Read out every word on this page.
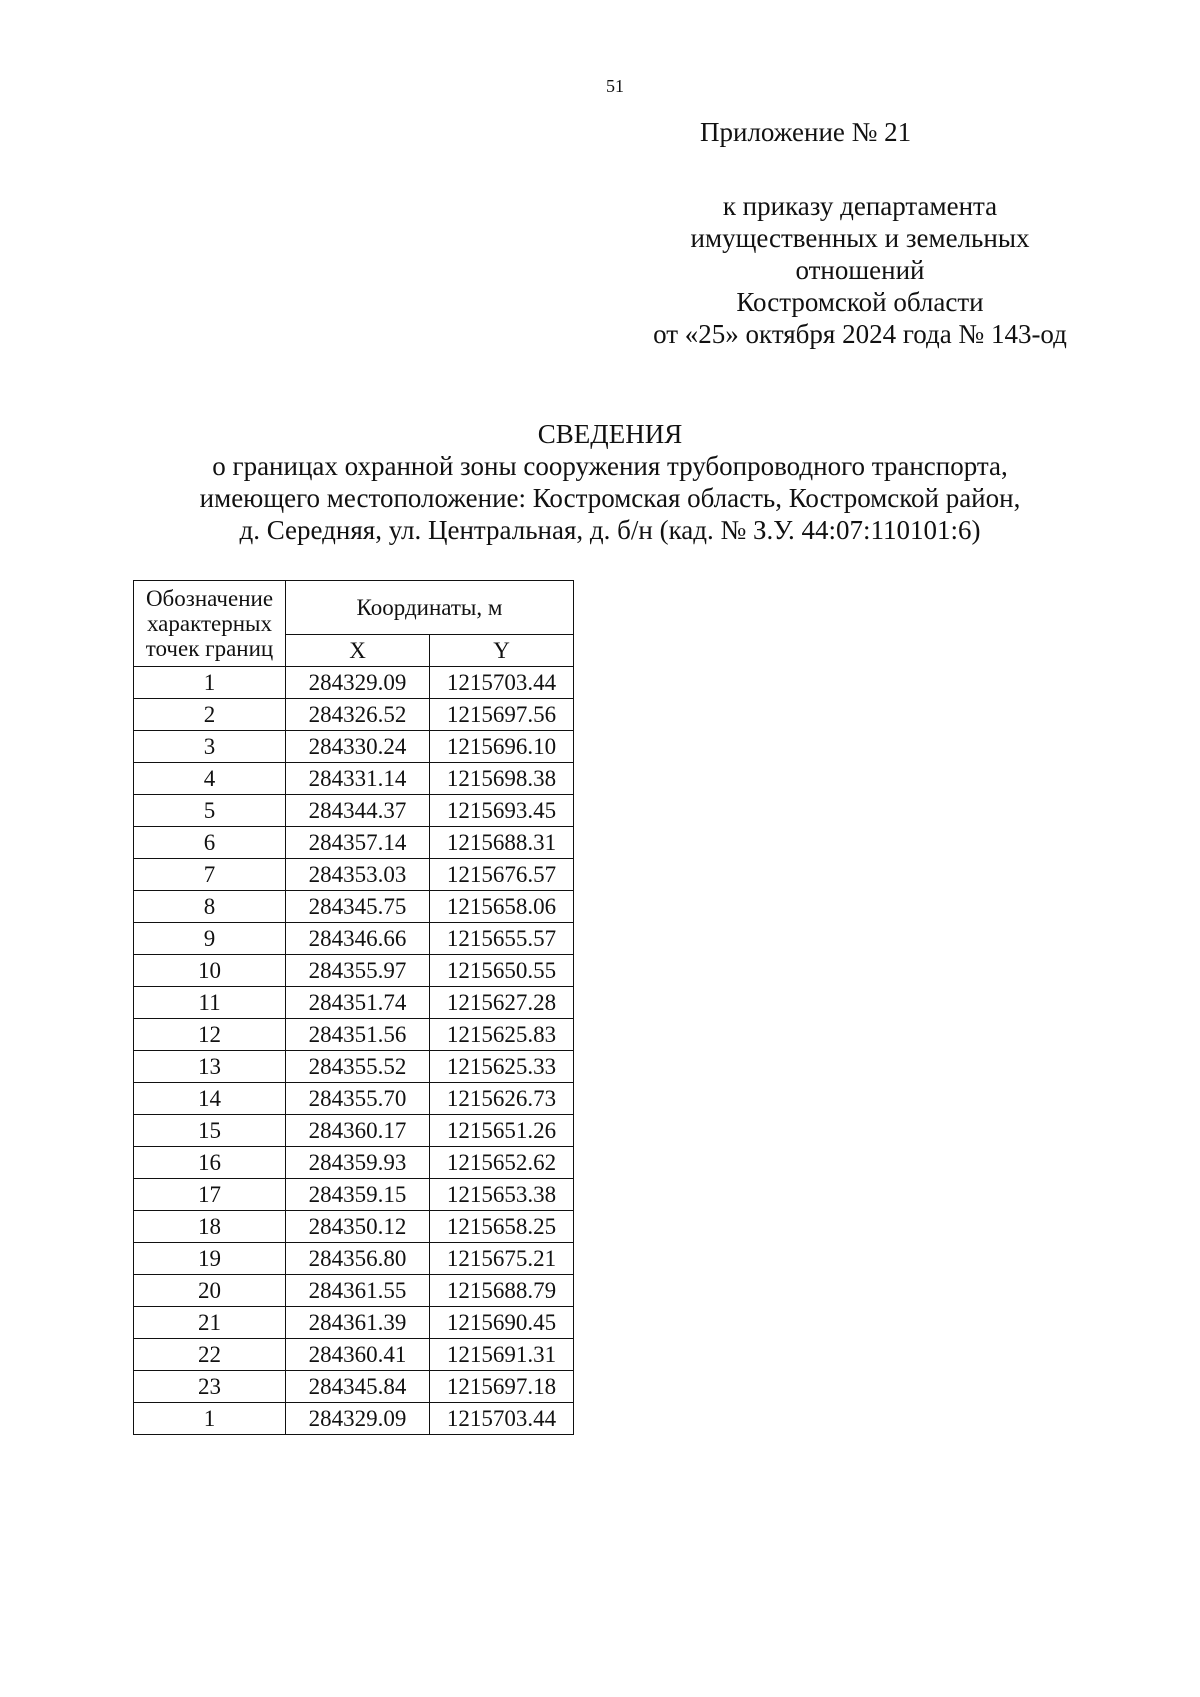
51
Приложение № 21
к приказу департамента
имущественных и земельных
отношений
Костромской области
от «25» октября 2024 года № 143-од
СВЕДЕНИЯ
о границах охранной зоны сооружения трубопроводного транспорта,
имеющего местоположение: Костромская область, Костромской район,
д. Середняя, ул. Центральная, д. б/н (кад. № З.У. 44:07:110101:6)
Обозначение
характерных
точек границ	Координаты, м	
	X	Y
1	284329.09	1215703.44
2	284326.52	1215697.56
3	284330.24	1215696.10
4	284331.14	1215698.38
5	284344.37	1215693.45
6	284357.14	1215688.31
7	284353.03	1215676.57
8	284345.75	1215658.06
9	284346.66	1215655.57
10	284355.97	1215650.55
11	284351.74	1215627.28
12	284351.56	1215625.83
13	284355.52	1215625.33
14	284355.70	1215626.73
15	284360.17	1215651.26
16	284359.93	1215652.62
17	284359.15	1215653.38
18	284350.12	1215658.25
19	284356.80	1215675.21
20	284361.55	1215688.79
21	284361.39	1215690.45
22	284360.41	1215691.31
23	284345.84	1215697.18
1	284329.09	1215703.44
